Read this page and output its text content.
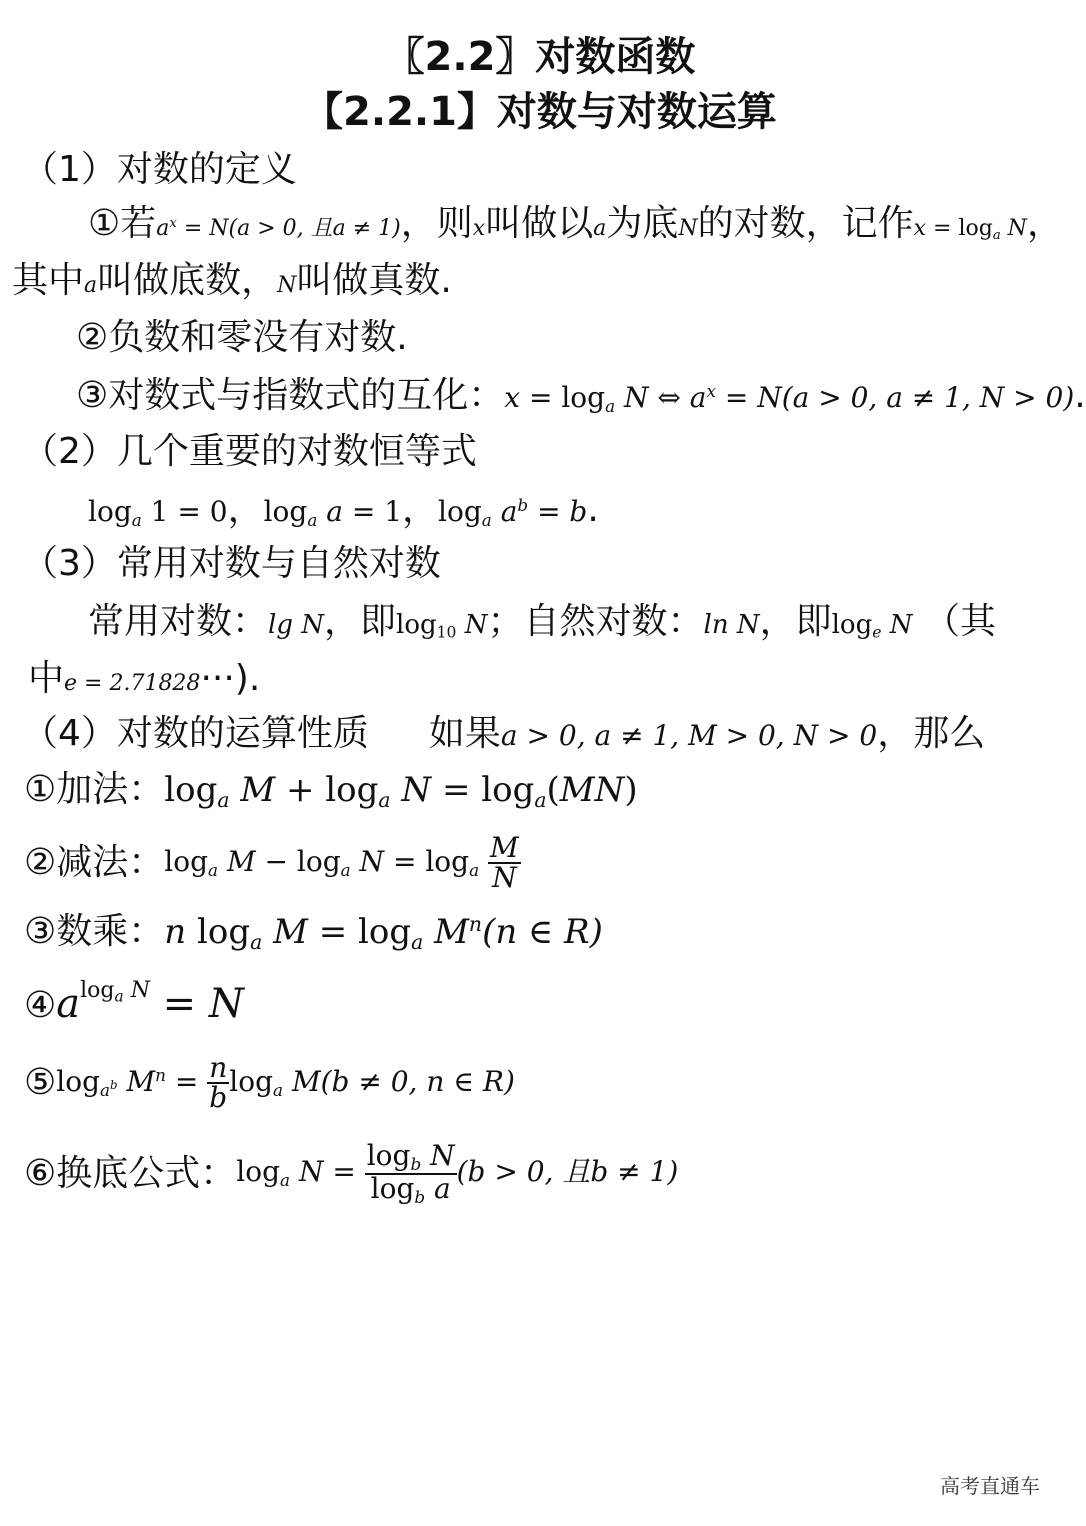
〖2.2〗对数函数
【2.2.1】对数与对数运算
（1）对数的定义
①若$a^x = N(a > 0$, 且a ≠ 1)，则x叫做以a为底N的对数，记作$x = \log_a N$，
其中a叫做底数，N叫做真数.
②负数和零没有对数.
③对数式与指数式的互化：$x = \log_a N$ ⇔ $a^x = N(a > 0$, a ≠ 1, N > 0).
（2）几个重要的对数恒等式
$\log_a 1 = 0$，$\log_a a = 1$，$\log_a a^b = b$.
（3）常用对数与自然对数
常用对数：lg N，即$\log_{10} N$；自然对数：ln N，即$\log_e N$ （其
中e = 2.71828···).
（4）对数的运算性质 如果a > 0, a ≠ 1, M > 0, N > 0，那么
①加法：$\log_a M + \log_a N = \log_a(MN)$
②减法：$\log_a M - \log_a N = \log_a \frac{M}{N}$
③数乘：n $\log_a M = \log_a M^n(n$ ∈ R)
$④a^{log_a N} = N$
$⑤\log_{a^b}$ $M^n = \frac{n}{b} \log_a M(b \ne 0$, n ∈ R)
⑥换底公式：$\log_a N = \frac{\log_b N}{\log_b a} (b > 0$, 且b ≠ 1)
高考直通车
